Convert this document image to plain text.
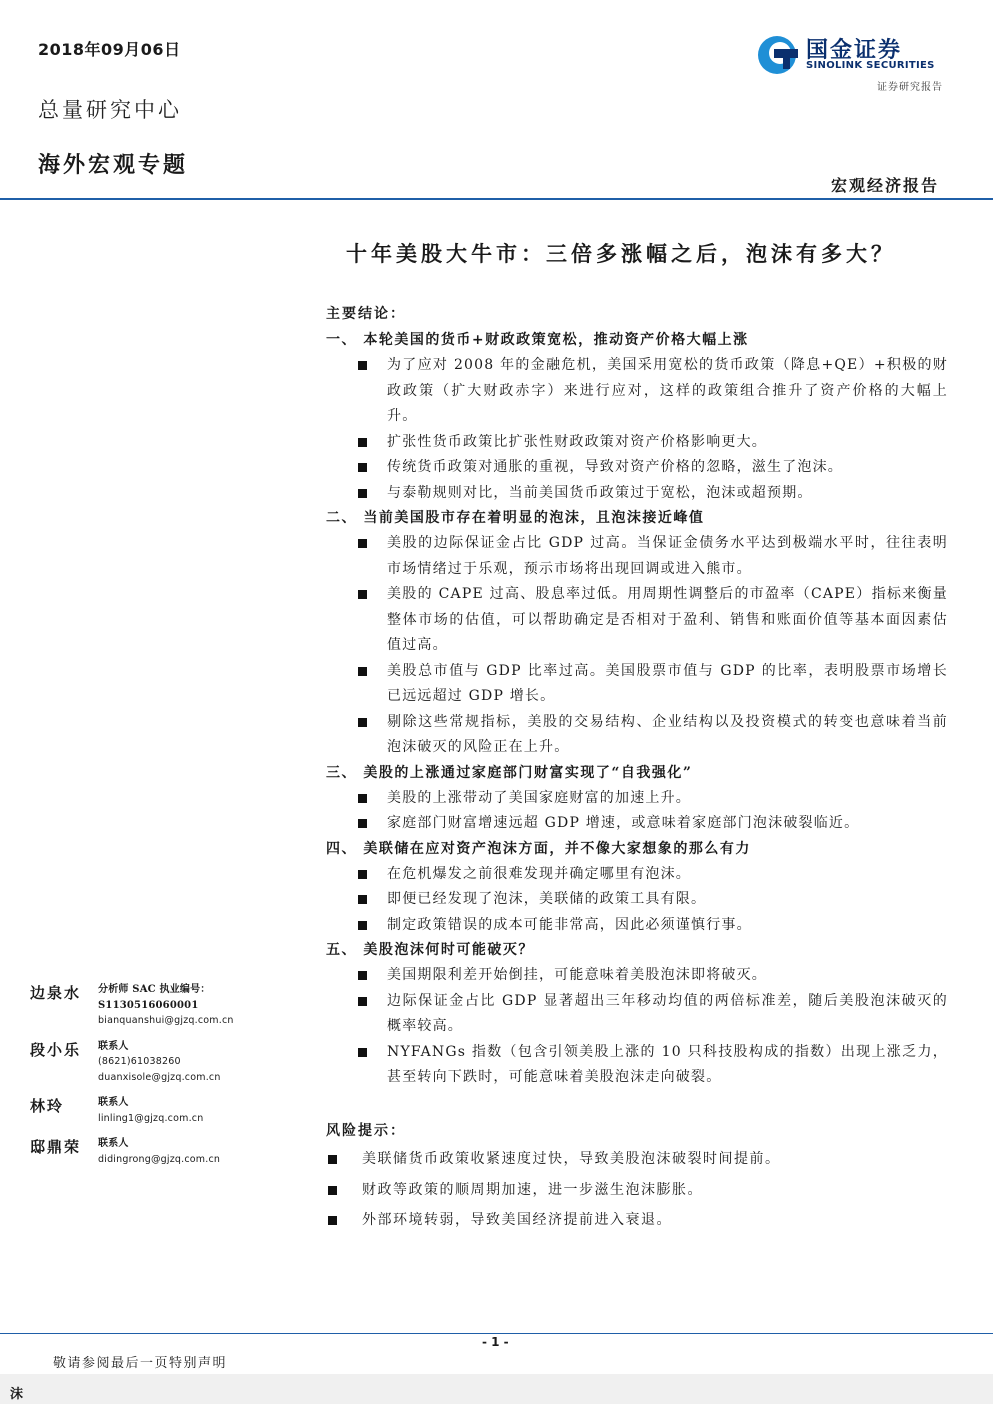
2018年09月06日
总量研究中心
海外宏观专题
国金证券
SINOLINK SECURITIES
证券研究报告
宏观经济报告
十年美股大牛市：三倍多涨幅之后，泡沫有多大？
主要结论：
一、 本轮美国的货币+财政政策宽松，推动资产价格大幅上涨
为了应对 2008 年的金融危机，美国采用宽松的货币政策（降息+QE）+积极的财政政策（扩大财政赤字）来进行应对，这样的政策组合推升了资产价格的大幅上升。
扩张性货币政策比扩张性财政政策对资产价格影响更大。
传统货币政策对通胀的重视，导致对资产价格的忽略，滋生了泡沫。
与泰勒规则对比，当前美国货币政策过于宽松，泡沫或超预期。
二、 当前美国股市存在着明显的泡沫，且泡沫接近峰值
美股的边际保证金占比 GDP 过高。当保证金债务水平达到极端水平时，往往表明市场情绪过于乐观，预示市场将出现回调或进入熊市。
美股的 CAPE 过高、股息率过低。用周期性调整后的市盈率（CAPE）指标来衡量整体市场的估值，可以帮助确定是否相对于盈利、销售和账面价值等基本面因素估值过高。
美股总市值与 GDP 比率过高。美国股票市值与 GDP 的比率，表明股票市场增长已远远超过 GDP 增长。
剔除这些常规指标，美股的交易结构、企业结构以及投资模式的转变也意味着当前泡沫破灭的风险正在上升。
三、 美股的上涨通过家庭部门财富实现了“自我强化”
美股的上涨带动了美国家庭财富的加速上升。
家庭部门财富增速远超 GDP 增速，或意味着家庭部门泡沫破裂临近。
四、 美联储在应对资产泡沫方面，并不像大家想象的那么有力
在危机爆发之前很难发现并确定哪里有泡沫。
即便已经发现了泡沫，美联储的政策工具有限。
制定政策错误的成本可能非常高，因此必须谨慎行事。
五、 美股泡沫何时可能破灭？
美国期限利差开始倒挂，可能意味着美股泡沫即将破灭。
边际保证金占比 GDP 显著超出三年移动均值的两倍标准差，随后美股泡沫破灭的概率较高。
NYFANGs 指数（包含引领美股上涨的 10 只科技股构成的指数）出现上涨乏力，甚至转向下跌时，可能意味着美股泡沫走向破裂。
风险提示：
美联储货币政策收紧速度过快，导致美股泡沫破裂时间提前。
财政等政策的顺周期加速，进一步滋生泡沫膨胀。
外部环境转弱，导致美国经济提前进入衰退。
边泉水 分析师 SAC 执业编号：S1130516060001
bianquanshui@gjzq.com.cn
段小乐 联系人
(8621)61038260
duanxisole@gjzq.com.cn
林玲	联系人
linling1@gjzq.com.cn
邸鼎荣 联系人
didingrong@gjzq.com.cn
- 1 -
敬请参阅最后一页特别声明
沫
